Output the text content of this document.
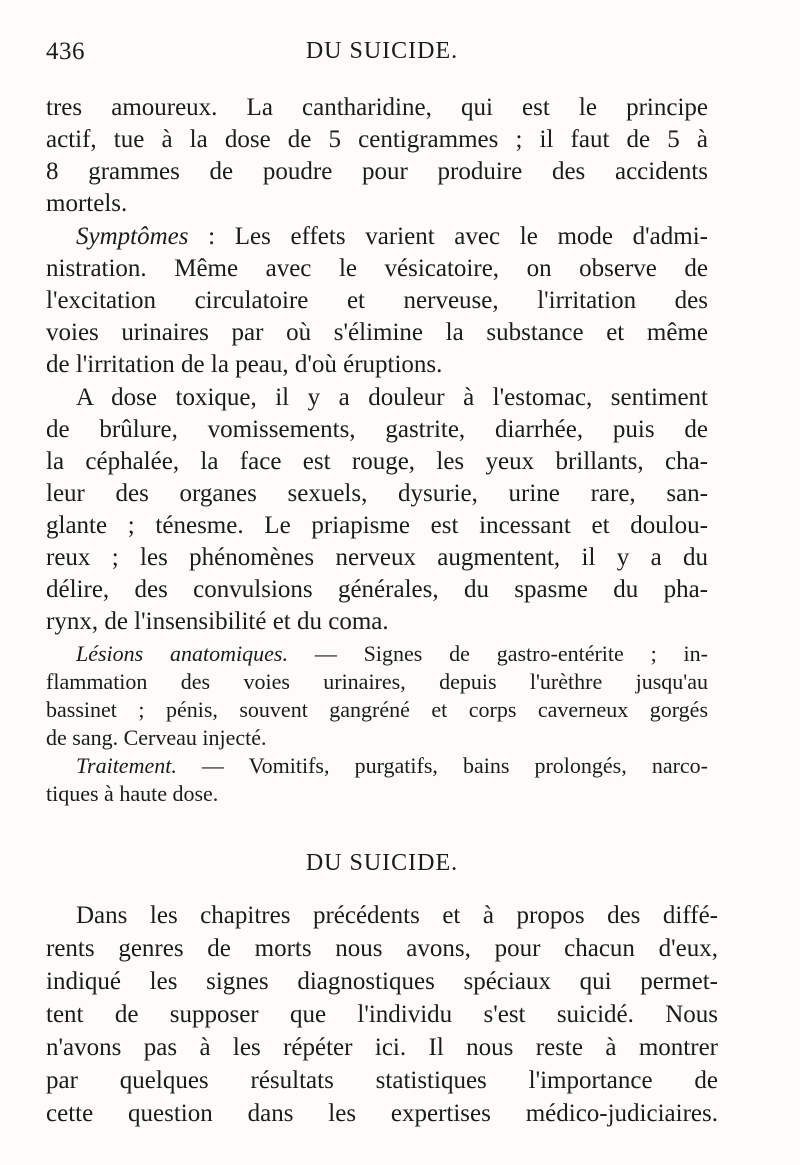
436	DU SUICIDE.
tres amoureux. La cantharidine, qui est le principe
actif, tue à la dose de 5 centigrammes ; il faut de 5 à
8 grammes de poudre pour produire des accidents
mortels.
Symptômes : Les effets varient avec le mode d'admi-
nistration. Même avec le vésicatoire, on observe de
l'excitation circulatoire et nerveuse, l'irritation des
voies urinaires par où s'élimine la substance et même
de l'irritation de la peau, d'où éruptions.
A dose toxique, il y a douleur à l'estomac, sentiment
de brûlure, vomissements, gastrite, diarrhée, puis de
la céphalée, la face est rouge, les yeux brillants, cha-
leur des organes sexuels, dysurie, urine rare, san-
glante ; ténesme. Le priapisme est incessant et doulou-
reux ; les phénomènes nerveux augmentent, il y a du
délire, des convulsions générales, du spasme du pha-
rynx, de l'insensibilité et du coma.
Lésions anatomiques. — Signes de gastro-entérite ; in-
flammation des voies urinaires, depuis l'urèthre jusqu'au
bassinet ; pénis, souvent gangréné et corps caverneux gorgés
de sang. Cerveau injecté.
Traitement. — Vomitifs, purgatifs, bains prolongés, narco-
tiques à haute dose.
DU SUICIDE.
Dans les chapitres précédents et à propos des diffé-
rents genres de morts nous avons, pour chacun d'eux,
indiqué les signes diagnostiques spéciaux qui permet-
tent de supposer que l'individu s'est suicidé. Nous
n'avons pas à les répéter ici. Il nous reste à montrer
par quelques résultats statistiques l'importance de
cette question dans les expertises médico-judiciaires.
